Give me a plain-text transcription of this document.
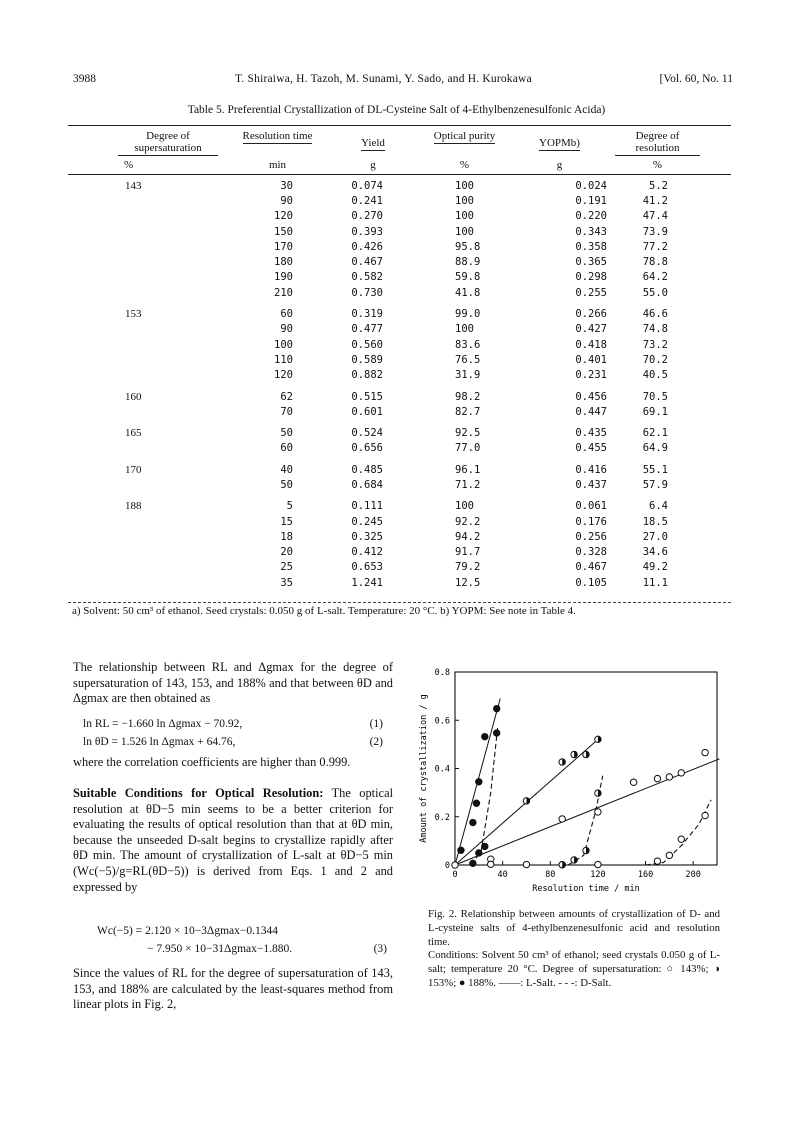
3988	T. Shiraiwa, H. Tazoh, M. Sunami, Y. Sado, and H. Kurokawa	[Vol. 60, No. 11
Table 5. Preferential Crystallization of DL-Cysteine Salt of 4-Ethylbenzenesulfonic Acida)
Degree of supersaturation
Resolution time
Yield
Optical purity
YOPMb)
Degree of resolution
%	min	g	%	g	%
143	30	0.074	100	0.024	5.2
	90	0.241	100	0.191	41.2
	120	0.270	100	0.220	47.4
	150	0.393	100	0.343	73.9
	170	0.426	95.8	0.358	77.2
	180	0.467	88.9	0.365	78.8
	190	0.582	59.8	0.298	64.2
	210	0.730	41.8	0.255	55.0
153	60	0.319	99.0	0.266	46.6
	90	0.477	100	0.427	74.8
	100	0.560	83.6	0.418	73.2
	110	0.589	76.5	0.401	70.2
	120	0.882	31.9	0.231	40.5
160	62	0.515	98.2	0.456	70.5
	70	0.601	82.7	0.447	69.1
165	50	0.524	92.5	0.435	62.1
	60	0.656	77.0	0.455	64.9
170	40	0.485	96.1	0.416	55.1
	50	0.684	71.2	0.437	57.9
188	5	0.111	100	0.061	6.4
	15	0.245	92.2	0.176	18.5
	18	0.325	94.2	0.256	27.0
	20	0.412	91.7	0.328	34.6
	25	0.653	79.2	0.467	49.2
	35	1.241	12.5	0.105	11.1
a) Solvent: 50 cm³ of ethanol. Seed crystals: 0.050 g of L-salt. Temperature: 20 °C. b) YOPM: See note in Table 4.
The relationship between RL and Δgmax for the degree of supersaturation of 143, 153, and 188% and that between θD and Δgmax are then obtained as
ln RL = −1.660 ln Δgmax − 70.92,	(1)
ln θD = 1.526 ln Δgmax + 64.76,	(2)
where the correlation coefficients are higher than 0.999.
Suitable Conditions for Optical Resolution: The optical resolution at θD−5 min seems to be a better criterion for evaluating the results of optical resolution than that at θD min, because the unseeded D-salt begins to crystallize rapidly after θD min. The amount of crystallization of L-salt at θD−5 min (Wc(−5)/g=RL(θD−5)) is derived from Eqs. 1 and 2 and expressed by
Wc(−5) = 2.120 × 10−3Δgmax−0.1344
− 7.950 × 10−31Δgmax−1.880.	(3)
Since the values of RL for the degree of supersaturation of 143, 153, and 188% are calculated by the least-squares method from linear plots in Fig. 2,
0	40	80	120	160	200
0
0.2
0.4
0.6
0.8
Resolution time / min
Amount of crystallization / g
Fig. 2. Relationship between amounts of crystallization of D- and L-cysteine salts of 4-ethylbenzenesulfonic acid and resolution time.
Conditions: Solvent 50 cm³ of ethanol; seed crystals 0.050 g of L-salt; temperature 20 °C. Degree of supersaturation: ○ 143%; ◑ 153%; ● 188%. ——: L-Salt. - - -: D-Salt.
